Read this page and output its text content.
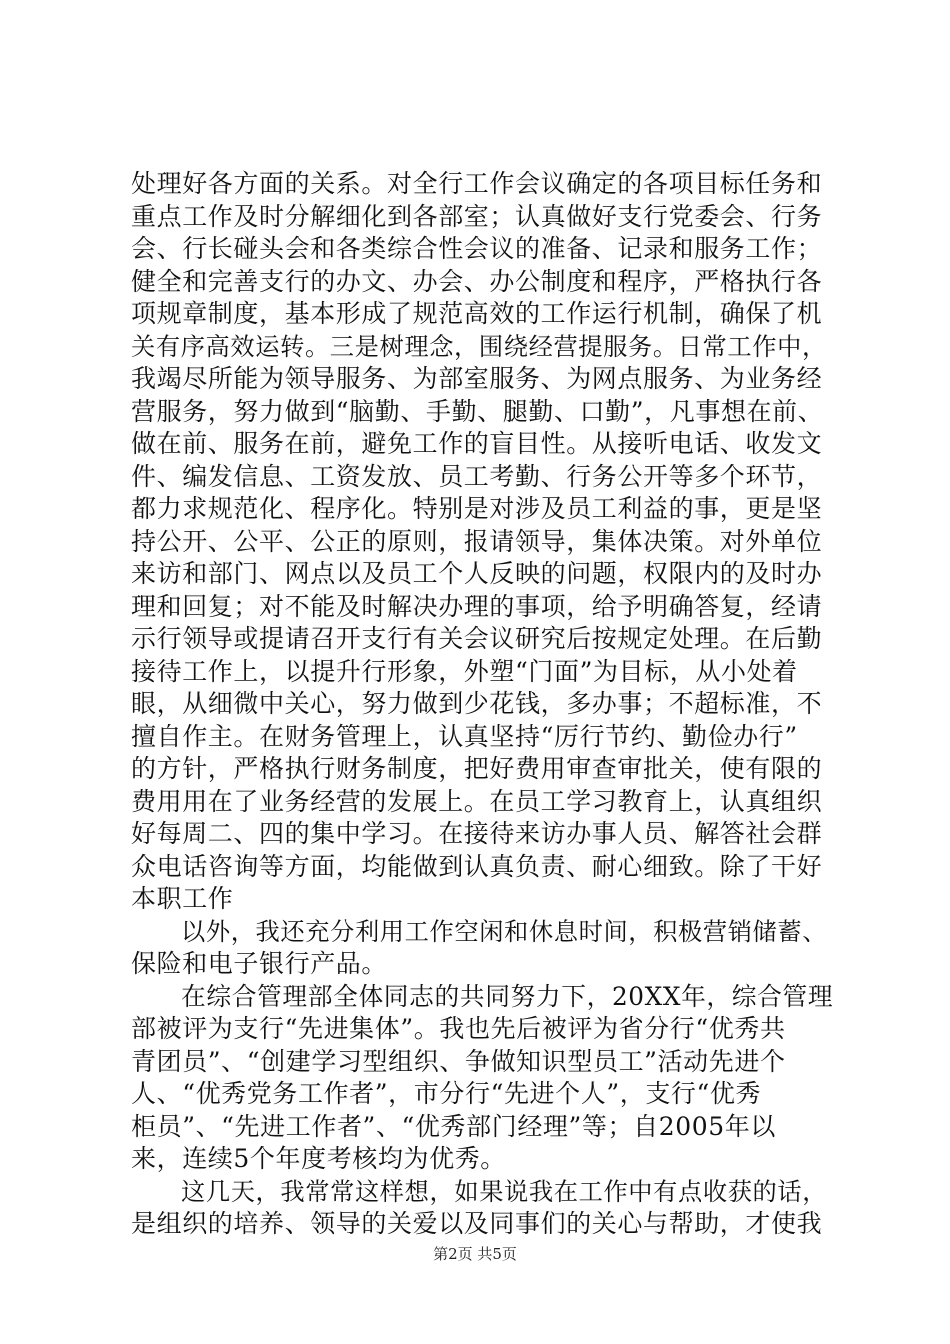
处理好各方面的关系。对全行工作会议确定的各项目标任务和
重点工作及时分解细化到各部室；认真做好支行党委会、行务
会、行长碰头会和各类综合性会议的准备、记录和服务工作；
健全和完善支行的办文、办会、办公制度和程序，严格执行各
项规章制度，基本形成了规范高效的工作运行机制，确保了机
关有序高效运转。三是树理念，围绕经营提服务。日常工作中，
我竭尽所能为领导服务、为部室服务、为网点服务、为业务经
营服务，努力做到“脑勤、手勤、腿勤、口勤”，凡事想在前、
做在前、服务在前，避免工作的盲目性。从接听电话、收发文
件、编发信息、工资发放、员工考勤、行务公开等多个环节，
都力求规范化、程序化。特别是对涉及员工利益的事，更是坚
持公开、公平、公正的原则，报请领导，集体决策。对外单位
来访和部门、网点以及员工个人反映的问题，权限内的及时办
理和回复；对不能及时解决办理的事项，给予明确答复，经请
示行领导或提请召开支行有关会议研究后按规定处理。在后勤
接待工作上，以提升行形象，外塑“门面”为目标，从小处着
眼，从细微中关心，努力做到少花钱，多办事；不超标准，不
擅自作主。在财务管理上，认真坚持“厉行节约、勤俭办行”
的方针，严格执行财务制度，把好费用审查审批关，使有限的
费用用在了业务经营的发展上。在员工学习教育上，认真组织
好每周二、四的集中学习。在接待来访办事人员、解答社会群
众电话咨询等方面，均能做到认真负责、耐心细致。除了干好
本职工作
以外，我还充分利用工作空闲和休息时间，积极营销储蓄、
保险和电子银行产品。
在综合管理部全体同志的共同努力下，20XX年，综合管理
部被评为支行“先进集体”。我也先后被评为省分行“优秀共
青团员”、“创建学习型组织、争做知识型员工”活动先进个
人、“优秀党务工作者”，市分行“先进个人”，支行“优秀
柜员”、“先进工作者”、“优秀部门经理”等；自2005年以
来，连续5个年度考核均为优秀。
这几天，我常常这样想，如果说我在工作中有点收获的话，
是组织的培养、领导的关爱以及同事们的关心与帮助，才使我
第2页 共5页
